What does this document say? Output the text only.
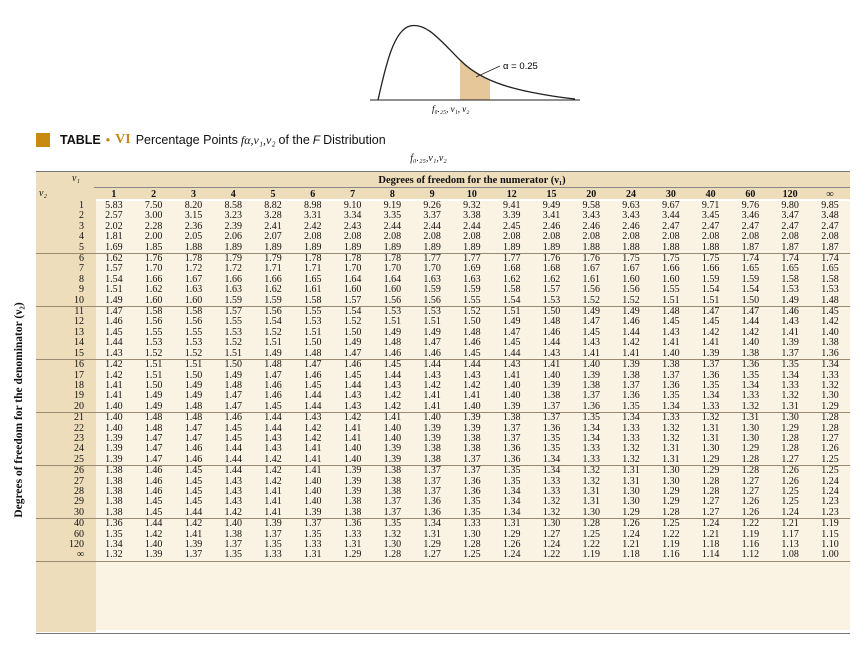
α = 0.25
f₀.₂₅, ν₁, ν₂
TABLE • VI Percentage Points fα,ν₁,ν₂ of the F Distribution
f₀.₂₅,ν₁,ν₂
Degrees of freedom for the numerator (ν₁)
ν₁
ν₂
Degrees of freedom for the denominator (ν₂)
	1	2	3	4	5	6	7	8	9	10	12	15	20	24	30	40	60	120	∞
1	5.83	7.50	8.20	8.58	8.82	8.98	9.10	9.19	9.26	9.32	9.41	9.49	9.58	9.63	9.67	9.71	9.76	9.80	9.85
2	2.57	3.00	3.15	3.23	3.28	3.31	3.34	3.35	3.37	3.38	3.39	3.41	3.43	3.43	3.44	3.45	3.46	3.47	3.48
3	2.02	2.28	2.36	2.39	2.41	2.42	2.43	2.44	2.44	2.44	2.45	2.46	2.46	2.46	2.47	2.47	2.47	2.47	2.47
4	1.81	2.00	2.05	2.06	2.07	2.08	2.08	2.08	2.08	2.08	2.08	2.08	2.08	2.08	2.08	2.08	2.08	2.08	2.08
5	1.69	1.85	1.88	1.89	1.89	1.89	1.89	1.89	1.89	1.89	1.89	1.89	1.88	1.88	1.88	1.88	1.87	1.87	1.87
6	1.62	1.76	1.78	1.79	1.79	1.78	1.78	1.78	1.77	1.77	1.77	1.76	1.76	1.75	1.75	1.75	1.74	1.74	1.74
7	1.57	1.70	1.72	1.72	1.71	1.71	1.70	1.70	1.70	1.69	1.68	1.68	1.67	1.67	1.66	1.66	1.65	1.65	1.65
8	1.54	1.66	1.67	1.66	1.66	1.65	1.64	1.64	1.63	1.63	1.62	1.62	1.61	1.60	1.60	1.59	1.59	1.58	1.58
9	1.51	1.62	1.63	1.63	1.62	1.61	1.60	1.60	1.59	1.59	1.58	1.57	1.56	1.56	1.55	1.54	1.54	1.53	1.53
10	1.49	1.60	1.60	1.59	1.59	1.58	1.57	1.56	1.56	1.55	1.54	1.53	1.52	1.52	1.51	1.51	1.50	1.49	1.48
11	1.47	1.58	1.58	1.57	1.56	1.55	1.54	1.53	1.53	1.52	1.51	1.50	1.49	1.49	1.48	1.47	1.47	1.46	1.45
12	1.46	1.56	1.56	1.55	1.54	1.53	1.52	1.51	1.51	1.50	1.49	1.48	1.47	1.46	1.45	1.45	1.44	1.43	1.42
13	1.45	1.55	1.55	1.53	1.52	1.51	1.50	1.49	1.49	1.48	1.47	1.46	1.45	1.44	1.43	1.42	1.42	1.41	1.40
14	1.44	1.53	1.53	1.52	1.51	1.50	1.49	1.48	1.47	1.46	1.45	1.44	1.43	1.42	1.41	1.41	1.40	1.39	1.38
15	1.43	1.52	1.52	1.51	1.49	1.48	1.47	1.46	1.46	1.45	1.44	1.43	1.41	1.41	1.40	1.39	1.38	1.37	1.36
16	1.42	1.51	1.51	1.50	1.48	1.47	1.46	1.45	1.44	1.44	1.43	1.41	1.40	1.39	1.38	1.37	1.36	1.35	1.34
17	1.42	1.51	1.50	1.49	1.47	1.46	1.45	1.44	1.43	1.43	1.41	1.40	1.39	1.38	1.37	1.36	1.35	1.34	1.33
18	1.41	1.50	1.49	1.48	1.46	1.45	1.44	1.43	1.42	1.42	1.40	1.39	1.38	1.37	1.36	1.35	1.34	1.33	1.32
19	1.41	1.49	1.49	1.47	1.46	1.44	1.43	1.42	1.41	1.41	1.40	1.38	1.37	1.36	1.35	1.34	1.33	1.32	1.30
20	1.40	1.49	1.48	1.47	1.45	1.44	1.43	1.42	1.41	1.40	1.39	1.37	1.36	1.35	1.34	1.33	1.32	1.31	1.29
21	1.40	1.48	1.48	1.46	1.44	1.43	1.42	1.41	1.40	1.39	1.38	1.37	1.35	1.34	1.33	1.32	1.31	1.30	1.28
22	1.40	1.48	1.47	1.45	1.44	1.42	1.41	1.40	1.39	1.39	1.37	1.36	1.34	1.33	1.32	1.31	1.30	1.29	1.28
23	1.39	1.47	1.47	1.45	1.43	1.42	1.41	1.40	1.39	1.38	1.37	1.35	1.34	1.33	1.32	1.31	1.30	1.28	1.27
24	1.39	1.47	1.46	1.44	1.43	1.41	1.40	1.39	1.38	1.38	1.36	1.35	1.33	1.32	1.31	1.30	1.29	1.28	1.26
25	1.39	1.47	1.46	1.44	1.42	1.41	1.40	1.39	1.38	1.37	1.36	1.34	1.33	1.32	1.31	1.29	1.28	1.27	1.25
26	1.38	1.46	1.45	1.44	1.42	1.41	1.39	1.38	1.37	1.37	1.35	1.34	1.32	1.31	1.30	1.29	1.28	1.26	1.25
27	1.38	1.46	1.45	1.43	1.42	1.40	1.39	1.38	1.37	1.36	1.35	1.33	1.32	1.31	1.30	1.28	1.27	1.26	1.24
28	1.38	1.46	1.45	1.43	1.41	1.40	1.39	1.38	1.37	1.36	1.34	1.33	1.31	1.30	1.29	1.28	1.27	1.25	1.24
29	1.38	1.45	1.45	1.43	1.41	1.40	1.38	1.37	1.36	1.35	1.34	1.32	1.31	1.30	1.29	1.27	1.26	1.25	1.23
30	1.38	1.45	1.44	1.42	1.41	1.39	1.38	1.37	1.36	1.35	1.34	1.32	1.30	1.29	1.28	1.27	1.26	1.24	1.23
40	1.36	1.44	1.42	1.40	1.39	1.37	1.36	1.35	1.34	1.33	1.31	1.30	1.28	1.26	1.25	1.24	1.22	1.21	1.19
60	1.35	1.42	1.41	1.38	1.37	1.35	1.33	1.32	1.31	1.30	1.29	1.27	1.25	1.24	1.22	1.21	1.19	1.17	1.15
120	1.34	1.40	1.39	1.37	1.35	1.33	1.31	1.30	1.29	1.28	1.26	1.24	1.22	1.21	1.19	1.18	1.16	1.13	1.10
∞	1.32	1.39	1.37	1.35	1.33	1.31	1.29	1.28	1.27	1.25	1.24	1.22	1.19	1.18	1.16	1.14	1.12	1.08	1.00
